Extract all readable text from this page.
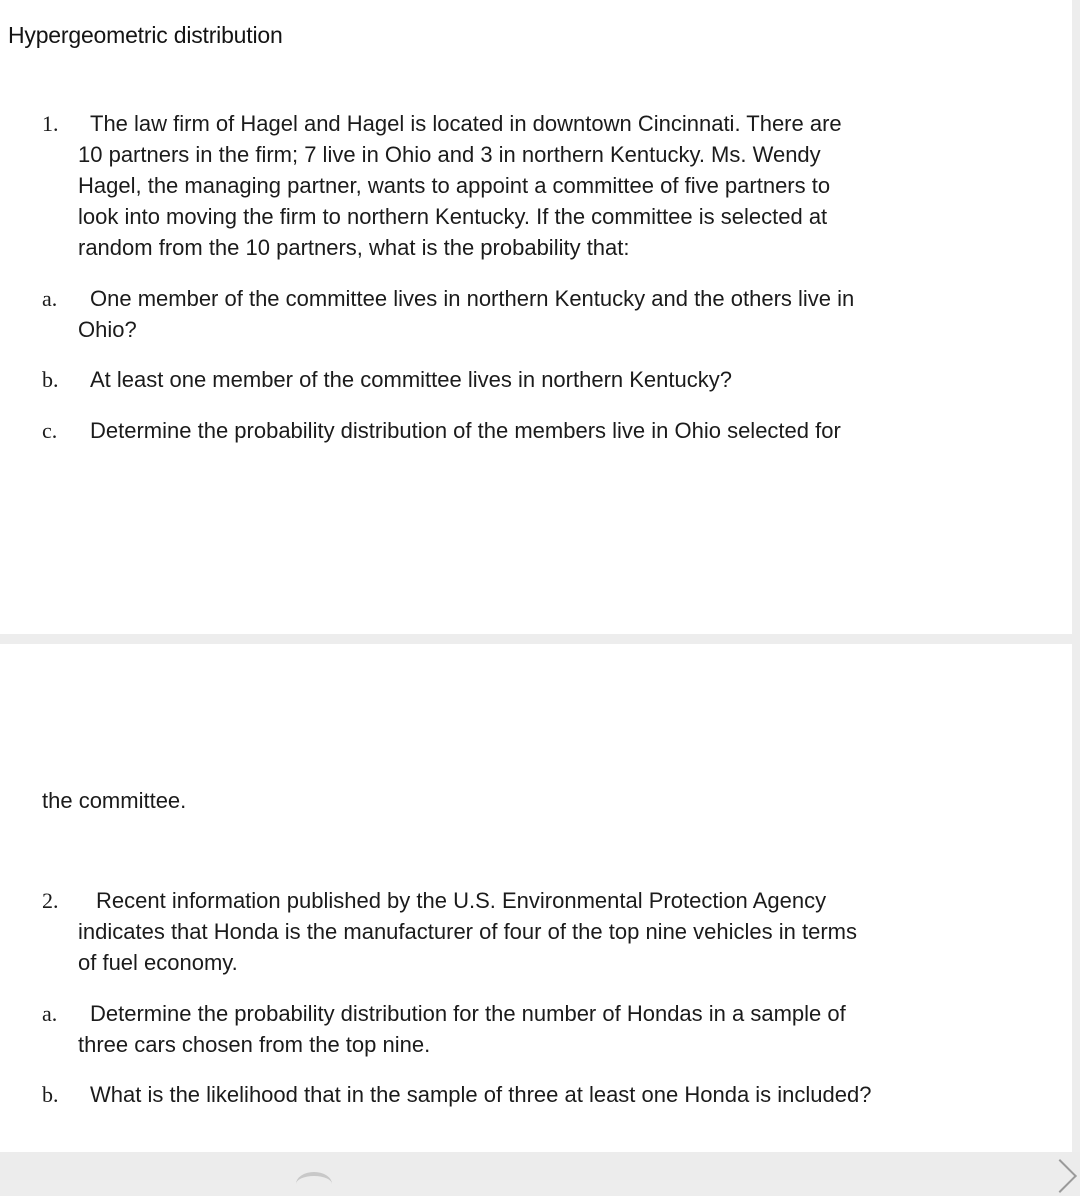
Hypergeometric distribution
1.	The law firm of Hagel and Hagel is located in downtown Cincinnati. There are
10 partners in the firm; 7 live in Ohio and 3 in northern Kentucky. Ms. Wendy
Hagel, the managing partner, wants to appoint a committee of five partners to
look into moving the firm to northern Kentucky. If the committee is selected at
random from the 10 partners, what is the probability that:

a.	One member of the committee lives in northern Kentucky and the others live in
Ohio?

b.	At least one member of the committee lives in northern Kentucky?

c.	Determine the probability distribution of the members live in Ohio selected for

the committee.
2.	Recent information published by the U.S. Environmental Protection Agency
indicates that Honda is the manufacturer of four of the top nine vehicles in terms
of fuel economy.

a.	Determine the probability distribution for the number of Hondas in a sample of
three cars chosen from the top nine.

b.	What is the likelihood that in the sample of three at least one Honda is included?
